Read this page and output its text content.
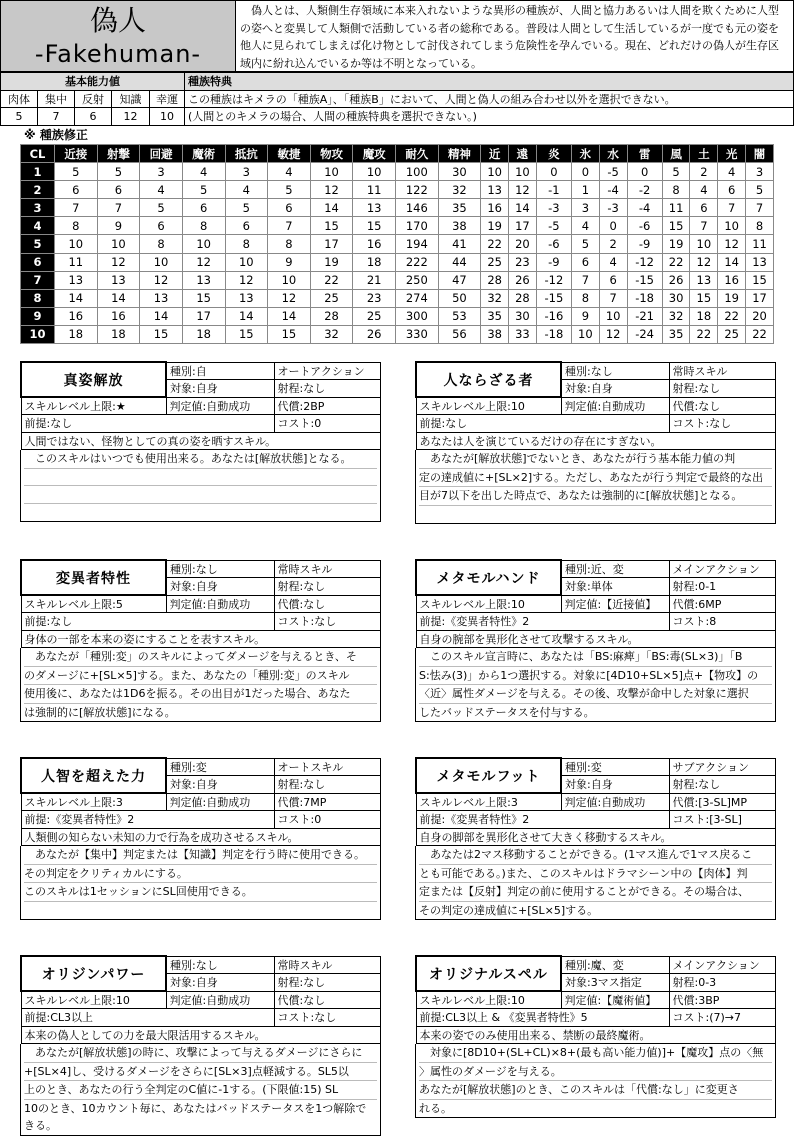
偽人
-Fakehuman-
偽人とは、人類側生存領域に本来入れないような異形の種族が、人間と協力あるいは人間を欺くために人型の姿へと変異して人類側で活動している者の総称である。普段は人間として生活しているが一度でも元の姿を他人に見られてしまえば化け物として討伐されてしまう危険性を孕んでいる。現在、どれだけの偽人が生存区域内に紛れ込んでいるか等は不明となっている。
基本能力値					種族特典
肉体	集中	反射	知識	幸運	この種族はキメラの「種族A」、「種族B」において、人間と偽人の組み合わせ以外を選択できない。
5	7	6	12	10	(人間とのキメラの場合、人間の種族特典を選択できない。)
※ 種族修正
CL	近接	射撃	回避	魔術	抵抗	敏捷	物攻	魔攻	耐久	精神	近	遠	炎	氷	水	雷	風	土	光	闇
1	5	5	3	4	3	4	10	10	100	30	10	10	0	0	-5	0	5	2	4	3
2	6	6	4	5	4	5	12	11	122	32	13	12	-1	1	-4	-2	8	4	6	5
3	7	7	5	6	5	6	14	13	146	35	16	14	-3	3	-3	-4	11	6	7	7
4	8	9	6	8	6	7	15	15	170	38	19	17	-5	4	0	-6	15	7	10	8
5	10	10	8	10	8	8	17	16	194	41	22	20	-6	5	2	-9	19	10	12	11
6	11	12	10	12	10	9	19	18	222	44	25	23	-9	6	4	-12	22	12	14	13
7	13	13	12	13	12	10	22	21	250	47	28	26	-12	7	6	-15	26	13	16	15
8	14	14	13	15	13	12	25	23	274	50	32	28	-15	8	7	-18	30	15	19	17
9	16	16	14	17	14	14	28	25	300	53	35	30	-16	9	10	-21	32	18	22	20
10	18	18	15	18	15	15	32	26	330	56	38	33	-18	10	12	-24	35	22	25	22
真姿解放	種別:自	オートアクション
	対象:自身	射程:なし
スキルレベル上限:★	判定値:自動成功	代償:2BP
前提:なし		コスト:0
人間ではない、怪物としての真の姿を晒すスキル。		
このスキルはいつでも使用出来る。あなたは[解放状態]となる。
人ならざる者	種別:なし	常時スキル
	対象:自身	射程:なし
スキルレベル上限:10	判定値:自動成功	代償:なし
前提:なし		コスト:なし
あなたは人を演じているだけの存在にすぎない。		
あなたが[解放状態]でないとき、あなたが行う基本能力値の判
定の達成値に+[SL×2]する。ただし、あなたが行う判定で最終的な出
目が7以下を出した時点で、あなたは強制的に[解放状態]となる。
変異者特性	種別:なし	常時スキル
	対象:自身	射程:なし
スキルレベル上限:5	判定値:自動成功	代償:なし
前提:なし		コスト:なし
身体の一部を本来の姿にすることを表すスキル。		
あなたが「種別:変」のスキルによってダメージを与えるとき、そ
のダメージに+[SL×5]する。また、あなたの「種別:変」のスキル
使用後に、あなたは1D6を振る。その出目が1だった場合、あなた
は強制的に[解放状態]になる。
メタモルハンド	種別:近、変	メインアクション
	対象:単体	射程:0-1
スキルレベル上限:10	判定値:【近接値】	代償:6MP
前提:《変異者特性》2		コスト:8
自身の腕部を異形化させて攻撃するスキル。		
このスキル宣言時に、あなたは「BS:麻痺」「BS:毒(SL×3)」「B
S:怯み(3)」から1つ選択する。対象に[4D10+SL×5]点+【物攻】の
〈近〉属性ダメージを与える。その後、攻撃が命中した対象に選択
したバッドステータスを付与する。
人智を超えた力	種別:変	オートスキル
	対象:自身	射程:なし
スキルレベル上限:3	判定値:自動成功	代償:7MP
前提:《変異者特性》2		コスト:0
人類側の知らない未知の力で行為を成功させるスキル。		
あなたが【集中】判定または【知識】判定を行う時に使用できる。
その判定をクリティカルにする。
このスキルは1セッションにSL回使用できる。
メタモルフット	種別:変	サブアクション
	対象:自身	射程:なし
スキルレベル上限:3	判定値:自動成功	代償:[3-SL]MP
前提:《変異者特性》2		コスト:[3-SL]
自身の脚部を異形化させて大きく移動するスキル。		
あなたは2マス移動することができる。(1マス進んで1マス戻るこ
とも可能である。)また、このスキルはドラマシーン中の【肉体】判
定または【反射】判定の前に使用することができる。その場合は、
その判定の達成値に+[SL×5]する。
オリジンパワー	種別:なし	常時スキル
	対象:自身	射程:なし
スキルレベル上限:10	判定値:自動成功	代償:なし
前提:CL3以上		コスト:なし
本来の偽人としての力を最大限活用するスキル。		
あなたが[解放状態]の時に、攻撃によって与えるダメージにさらに
+[SL×4]し、受けるダメージをさらに[SL×3]点軽減する。SL5以
上のとき、あなたの行う全判定のC値に-1する。(下限値:15) SL
10のとき、10カウント毎に、あなたはバッドステータスを1つ解除できる。
オリジナルスペル	種別:魔、変	メインアクション
	対象:3マス指定	射程:0-3
スキルレベル上限:10	判定値:【魔術値】	代償:3BP
前提:CL3以上 & 《変異者特性》5		コスト:(7)→7
本来の姿でのみ使用出来る、禁断の最終魔術。		
対象に[8D10+(SL+CL)×8+(最も高い能力値)]+【魔攻】点の〈無
〉属性のダメージを与える。
あなたが[解放状態]のとき、このスキルは「代償:なし」に変更さ
れる。
